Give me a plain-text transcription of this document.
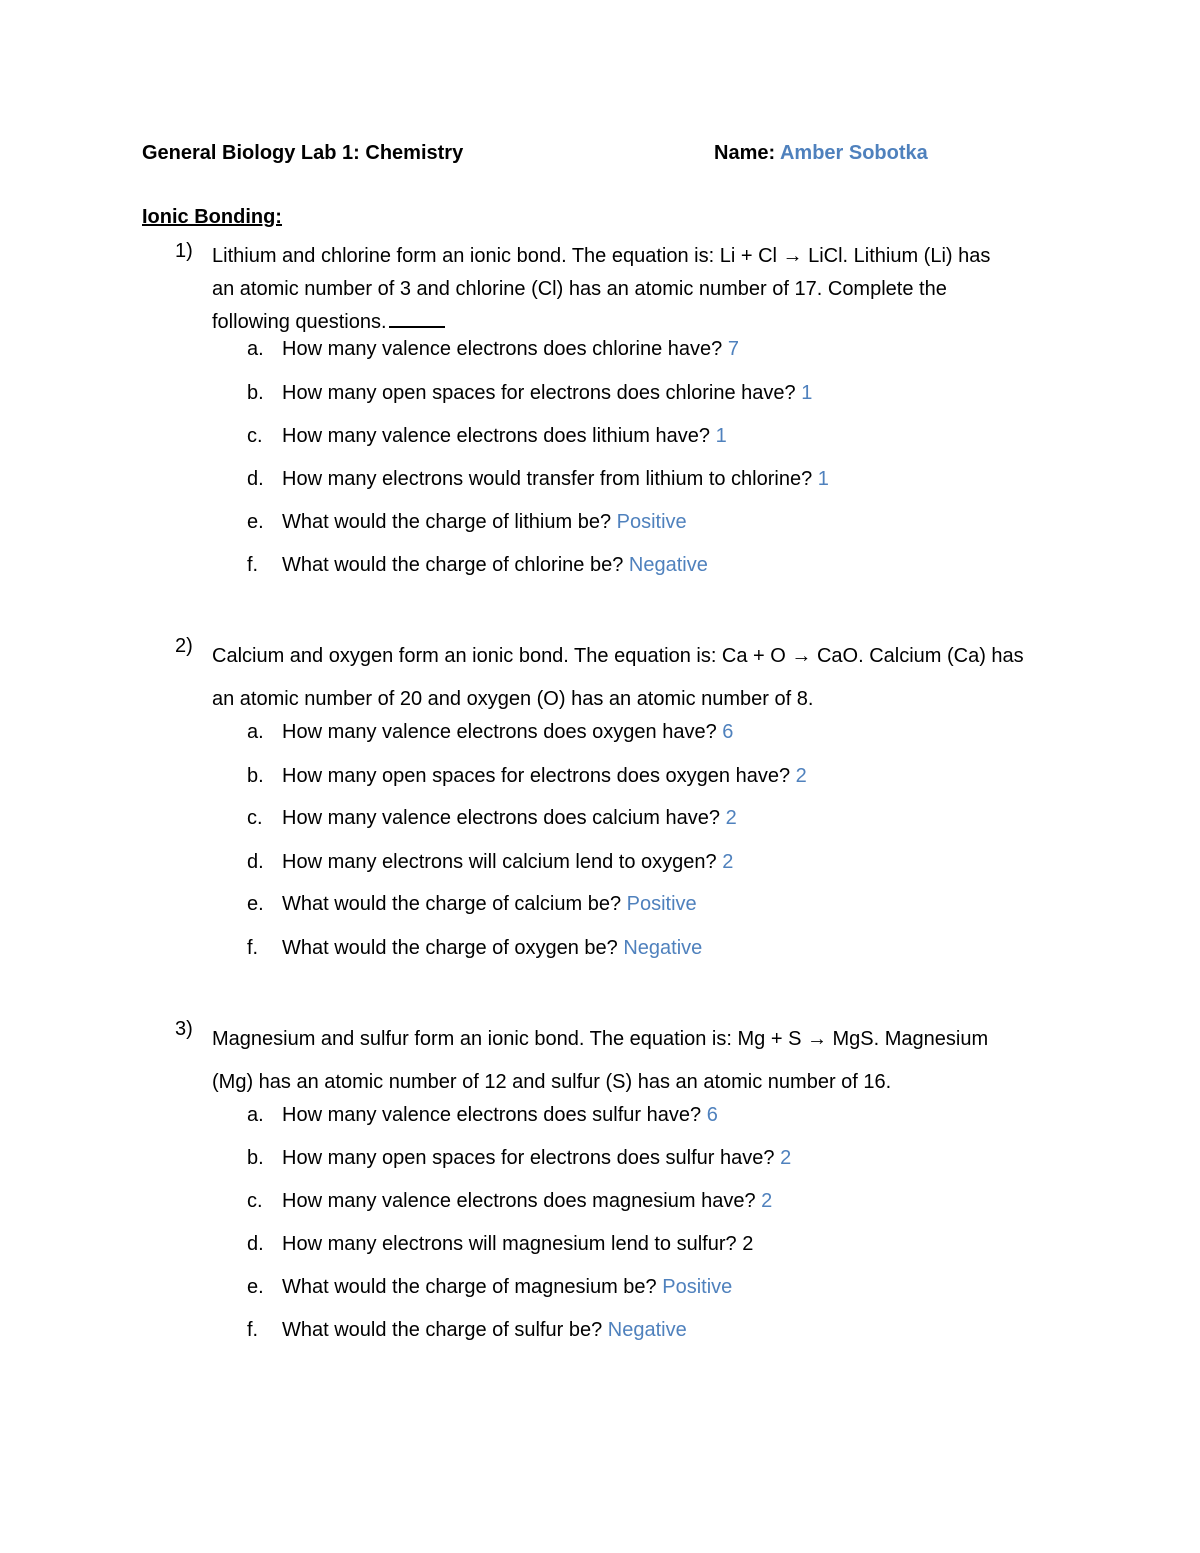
General Biology Lab 1: Chemistry	Name: Amber Sobotka
Ionic Bonding:
1) Lithium and chlorine form an ionic bond. The equation is: Li + Cl → LiCl. Lithium (Li) has
an atomic number of 3 and chlorine (Cl) has an atomic number of 17. Complete the
following questions.
a. How many valence electrons does chlorine have? 7
b. How many open spaces for electrons does chlorine have? 1
c. How many valence electrons does lithium have? 1
d. How many electrons would transfer from lithium to chlorine? 1
e. What would the charge of lithium be? Positive
f. What would the charge of chlorine be? Negative
2) Calcium and oxygen form an ionic bond. The equation is: Ca + O → CaO. Calcium (Ca) has
an atomic number of 20 and oxygen (O) has an atomic number of 8.
a. How many valence electrons does oxygen have? 6
b. How many open spaces for electrons does oxygen have? 2
c. How many valence electrons does calcium have? 2
d. How many electrons will calcium lend to oxygen? 2
e. What would the charge of calcium be? Positive
f. What would the charge of oxygen be? Negative
3) Magnesium and sulfur form an ionic bond. The equation is: Mg + S → MgS. Magnesium
(Mg) has an atomic number of 12 and sulfur (S) has an atomic number of 16.
a. How many valence electrons does sulfur have? 6
b. How many open spaces for electrons does sulfur have? 2
c. How many valence electrons does magnesium have? 2
d. How many electrons will magnesium lend to sulfur? 2
e. What would the charge of magnesium be? Positive
f. What would the charge of sulfur be? Negative
